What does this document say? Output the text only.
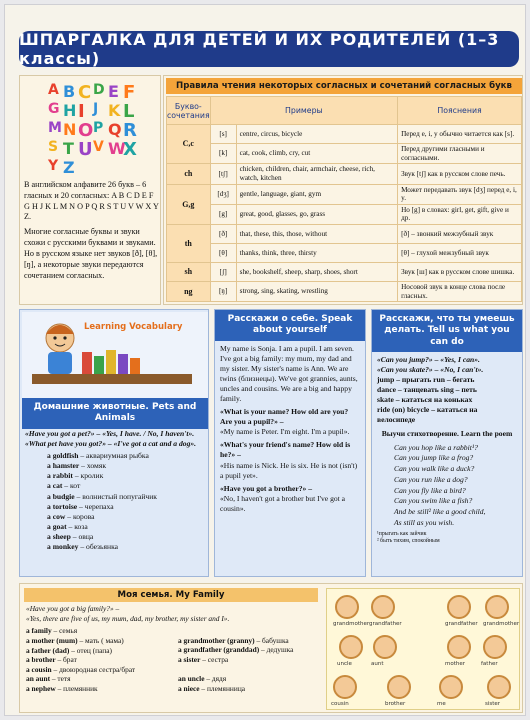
ШПАРГАЛКА ДЛЯ ДЕТЕЙ И ИХ РОДИТЕЛЕЙ (1–3 классы)
A B C D E F
G H I J K L
M N O P Q R
S T U V W
X
Y Z

В английском алфавите 26 букв – 6 гласных и 20 согласных: A B C D E F G H J K L M N O P Q R S T U V W X Y Z.

Многие согласные буквы и звуки схожи с русскими буквами и звуками. Но в русском языке нет звуков [ð], [θ], [ŋ], а некоторые звуки передаются сочетанием согласных.

Правила чтения некоторых согласных и сочетаний согласных букв
Букво-сочетания	Примеры		Пояснения
C,c	[s]	centre, circus, bicycle	Перед e, i, y обычно читается как [s].
	[k]	cat, cook, climb, cry, cut	Перед другими гласными и согласными.
ch	[tʃ]	chicken, children, chair, armchair, cheese, rich, watch, kitchen	Звук [tʃ] как в русском слове печь.
G,g	[dʒ]	gentle, language, giant, gym	Может передавать звук [dʒ] перед e, i, y.
	[g]	great, good, glasses, go, grass	Но [g] в словах: girl, get, gift, give и др.
th	[ð]	that, these, this, those, without	[ð] – звонкий межзубный звук
	[θ]	thanks, think, three, thirsty	[θ] – глухой межзубный звук
sh	[ʃ]	she, bookshelf, sheep, sharp, shoes, short	Звук [ш] как в русском слове шишка.
ng	[ŋ]	strong, sing, skating, wrestling	Носовой звук в конце слова после гласных.
Learning Vocabulary
Домашние животные. Pets and Animals

«Have you got a pet?» – «Yes, I have. / No, I haven't». «What pet have you got?» – «I've got a cat and a dog».

a goldfish – аквариумная рыбка
a hamster – хомяк
a rabbit – кролик
a cat – кот
a budgie – волнистый попугайчик
a tortoise – черепаха
a cow – корова
a goat – коза
a sheep – овца
a monkey – обезьянка
Расскажи о себе. Speak about yourself

My name is Sonja. I am a pupil. I am seven. I've got a big family: my mum, my dad and my sister. My sister's name is Ann. We are twins (близнецы). We've got grannies, aunts, uncles and cousins. We are a big and happy family.

«What is your name? How old are you? Are you a pupil?» –
«My name is Peter. I'm eight. I'm a pupil».
«What's your friend's name? How old is he?» –
«His name is Nick. He is six. He is not (isn't) a pupil yet».
«Have you got a brother?» –
«No, I haven't got a brother but I've got a cousin».
Расскажи, что ты умеешь делать. Tell us what you can do

«Can you jump?» – «Yes, I can».

«Can you skate?» – «No, I can't».

jump – прыгать run – бегать
dance – танцевать sing – петь
skate – кататься на коньках
ride (on) bicycle – кататься на велосипеде

Выучи стихотворение. Learn the poem

Can you hop like a rabbit¹?
Can you jump like a frog?
Can you walk like a duck?
Can you run like a dog?
Can you fly like a bird?
Can you swim like a fish?
And be still² like a good child,
As still as you wish.
¹прыгать как зайчик
² быть тихим, спокойным
Моя семья. My Family

«Have you got a big family?» –

«Yes, there are five of us, my mum, dad, my brother, my sister and I».

a family – семья
a mother (mum) – мать ( мама)
a father (dad) – отец (папа)
a brother – брат
a cousin – двоюродная сестра/брат
an aunt – тетя
a nephew – племянник
a grandmother (granny) – бабушка
a grandfather (granddad) – дедушка
a sister – сестра
an uncle – дядя
a niece – племянница
grandmother grandfather	grandfather grandmother
uncle	aunt	mother	father
cousin	brother	me	sister
